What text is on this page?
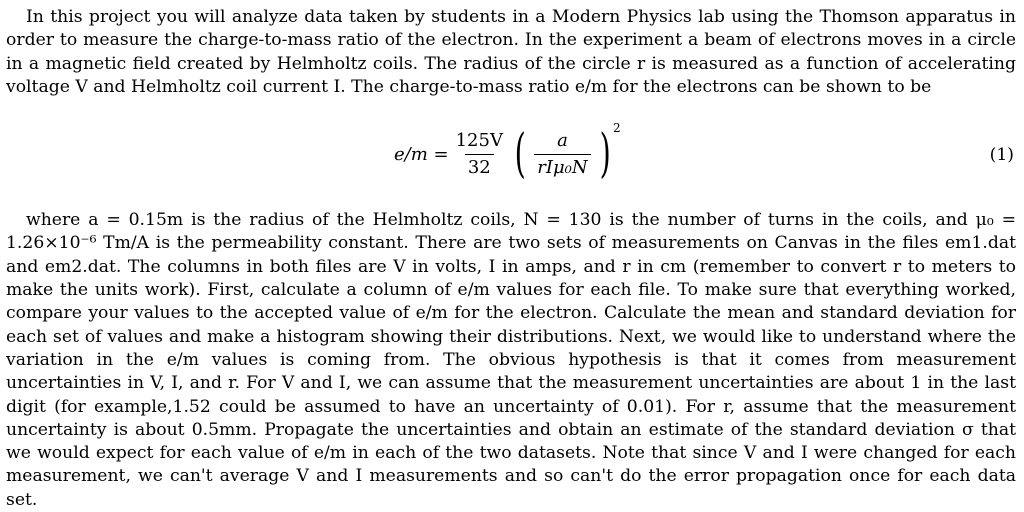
In this project you will analyze data taken by students in a Modern Physics lab using the Thomson apparatus in order to measure the charge-to-mass ratio of the electron. In the experiment a beam of electrons moves in a circle in a magnetic field created by Helmholtz coils. The radius of the circle r is measured as a function of accelerating voltage V and Helmholtz coil current I. The charge-to-mass ratio e/m for the electrons can be shown to be

$e/m = \frac{125V}{32}$ ( $\frac{a}{\text{rIμ₀N}}$ ) 2
(1)

where a = 0.15m is the radius of the Helmholtz coils, N = 130 is the number of turns in the coils, and μ₀ = 1.26×10⁻⁶ Tm/A is the permeability constant. There are two sets of measurements on Canvas in the files em1.dat and em2.dat. The columns in both files are V in volts, I in amps, and r in cm (remember to convert r to meters to make the units work). First, calculate a column of e/m values for each file. To make sure that everything worked, compare your values to the accepted value of e/m for the electron. Calculate the mean and standard deviation for each set of values and make a histogram showing their distributions. Next, we would like to understand where the variation in the e/m values is coming from. The obvious hypothesis is that it comes from measurement uncertainties in V, I, and r. For V and I, we can assume that the measurement uncertainties are about 1 in the last digit (for example,1.52 could be assumed to have an uncertainty of 0.01). For r, assume that the measurement uncertainty is about 0.5mm. Propagate the uncertainties and obtain an estimate of the standard deviation σ that we would expect for each value of e/m in each of the two datasets. Note that since V and I were changed for each measurement, we can't average V and I measurements and so can't do the error propagation once for each data set.
